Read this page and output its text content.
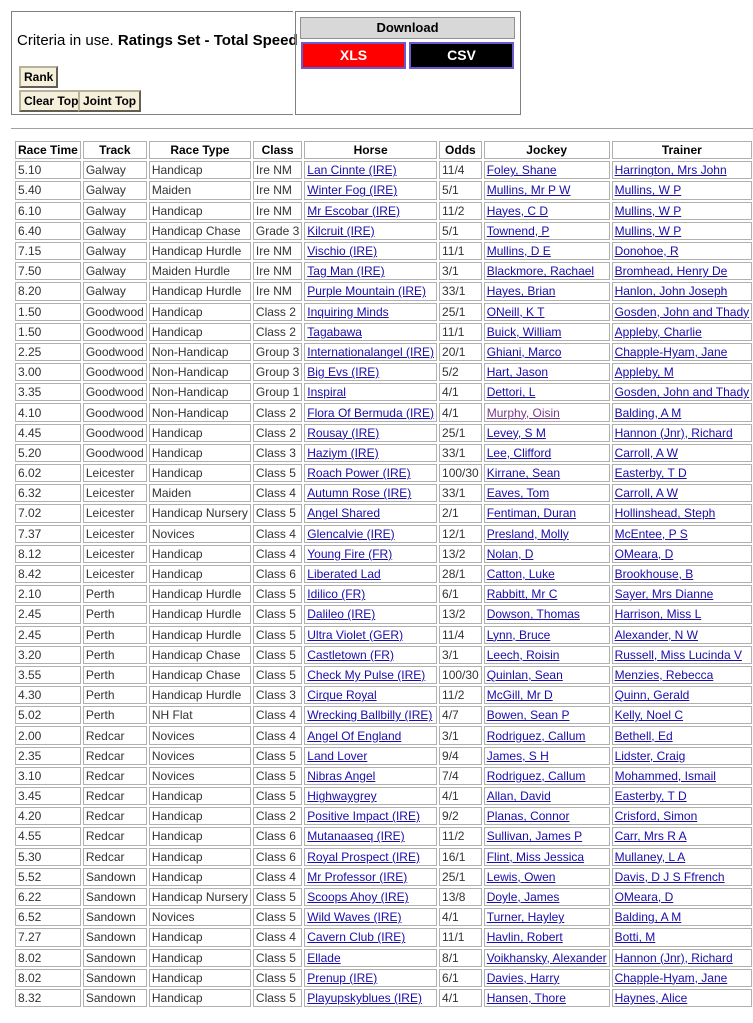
Criteria in use. Ratings Set - Total Speed
Rank
Clear Top Joint Top
Download
XLS	CSV
Race Time	Track	Race Type	Class	Horse	Odds	Jockey	Trainer
5.10	Galway	Handicap	Ire NM	Lan Cinnte (IRE)	11/4	Foley, Shane	Harrington, Mrs John
5.40	Galway	Maiden	Ire NM	Winter Fog (IRE)	5/1	Mullins, Mr P W	Mullins, W P
6.10	Galway	Handicap	Ire NM	Mr Escobar (IRE)	11/2	Hayes, C D	Mullins, W P
6.40	Galway	Handicap Chase	Grade 3	Kilcruit (IRE)	5/1	Townend, P	Mullins, W P
7.15	Galway	Handicap Hurdle	Ire NM	Vischio (IRE)	11/1	Mullins, D E	Donohoe, R
7.50	Galway	Maiden Hurdle	Ire NM	Tag Man (IRE)	3/1	Blackmore, Rachael	Bromhead, Henry De
8.20	Galway	Handicap Hurdle	Ire NM	Purple Mountain (IRE)	33/1	Hayes, Brian	Hanlon, John Joseph
1.50	Goodwood	Handicap	Class 2	Inquiring Minds	25/1	ONeill, K T	Gosden, John and Thady
1.50	Goodwood	Handicap	Class 2	Tagabawa	11/1	Buick, William	Appleby, Charlie
2.25	Goodwood	Non-Handicap	Group 3	Internationalangel (IRE)	20/1	Ghiani, Marco	Chapple-Hyam, Jane
3.00	Goodwood	Non-Handicap	Group 3	Big Evs (IRE)	5/2	Hart, Jason	Appleby, M
3.35	Goodwood	Non-Handicap	Group 1	Inspiral	4/1	Dettori, L	Gosden, John and Thady
4.10	Goodwood	Non-Handicap	Class 2	Flora Of Bermuda (IRE)	4/1	Murphy, Oisin	Balding, A M
4.45	Goodwood	Handicap	Class 2	Rousay (IRE)	25/1	Levey, S M	Hannon (Jnr), Richard
5.20	Goodwood	Handicap	Class 3	Haziym (IRE)	33/1	Lee, Clifford	Carroll, A W
6.02	Leicester	Handicap	Class 5	Roach Power (IRE)	100/30	Kirrane, Sean	Easterby, T D
6.32	Leicester	Maiden	Class 4	Autumn Rose (IRE)	33/1	Eaves, Tom	Carroll, A W
7.02	Leicester	Handicap Nursery	Class 5	Angel Shared	2/1	Fentiman, Duran	Hollinshead, Steph
7.37	Leicester	Novices	Class 4	Glencalvie (IRE)	12/1	Presland, Molly	McEntee, P S
8.12	Leicester	Handicap	Class 4	Young Fire (FR)	13/2	Nolan, D	OMeara, D
8.42	Leicester	Handicap	Class 6	Liberated Lad	28/1	Catton, Luke	Brookhouse, B
2.10	Perth	Handicap Hurdle	Class 5	Idilico (FR)	6/1	Rabbitt, Mr C	Sayer, Mrs Dianne
2.45	Perth	Handicap Hurdle	Class 5	Dalileo (IRE)	13/2	Dowson, Thomas	Harrison, Miss L
2.45	Perth	Handicap Hurdle	Class 5	Ultra Violet (GER)	11/4	Lynn, Bruce	Alexander, N W
3.20	Perth	Handicap Chase	Class 5	Castletown (FR)	3/1	Leech, Roisin	Russell, Miss Lucinda V
3.55	Perth	Handicap Chase	Class 5	Check My Pulse (IRE)	100/30	Quinlan, Sean	Menzies, Rebecca
4.30	Perth	Handicap Hurdle	Class 3	Cirque Royal	11/2	McGill, Mr D	Quinn, Gerald
5.02	Perth	NH Flat	Class 4	Wrecking Ballbilly (IRE)	4/7	Bowen, Sean P	Kelly, Noel C
2.00	Redcar	Novices	Class 4	Angel Of England	3/1	Rodriguez, Callum	Bethell, Ed
2.35	Redcar	Novices	Class 5	Land Lover	9/4	James, S H	Lidster, Craig
3.10	Redcar	Novices	Class 5	Nibras Angel	7/4	Rodriguez, Callum	Mohammed, Ismail
3.45	Redcar	Handicap	Class 5	Highwaygrey	4/1	Allan, David	Easterby, T D
4.20	Redcar	Handicap	Class 2	Positive Impact (IRE)	9/2	Planas, Connor	Crisford, Simon
4.55	Redcar	Handicap	Class 6	Mutanaaseq (IRE)	11/2	Sullivan, James P	Carr, Mrs R A
5.30	Redcar	Handicap	Class 6	Royal Prospect (IRE)	16/1	Flint, Miss Jessica	Mullaney, L A
5.52	Sandown	Handicap	Class 4	Mr Professor (IRE)	25/1	Lewis, Owen	Davis, D J S Ffrench
6.22	Sandown	Handicap Nursery	Class 5	Scoops Ahoy (IRE)	13/8	Doyle, James	OMeara, D
6.52	Sandown	Novices	Class 5	Wild Waves (IRE)	4/1	Turner, Hayley	Balding, A M
7.27	Sandown	Handicap	Class 4	Cavern Club (IRE)	11/1	Havlin, Robert	Botti, M
8.02	Sandown	Handicap	Class 5	Ellade	8/1	Voikhansky, Alexander	Hannon (Jnr), Richard
8.02	Sandown	Handicap	Class 5	Prenup (IRE)	6/1	Davies, Harry	Chapple-Hyam, Jane
8.32	Sandown	Handicap	Class 5	Playupskyblues (IRE)	4/1	Hansen, Thore	Haynes, Alice
